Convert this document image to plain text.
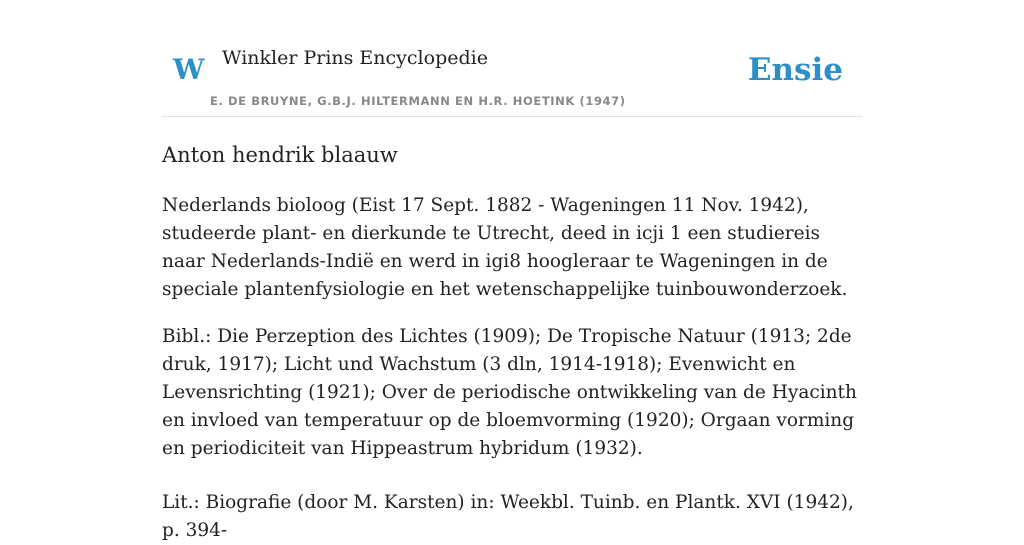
W Winkler Prins Encyclopedie
E. DE BRUYNE, G.B.J. HILTERMANN EN H.R. HOETINK (1947)
Ensie
Anton hendrik blaauw

Nederlands bioloog (Eist 17 Sept. 1882 - Wageningen 11 Nov. 1942), studeerde plant- en dierkunde te Utrecht, deed in icji 1 een studiereis naar Nederlands-Indië en werd in igi8 hoogleraar te Wageningen in de speciale plantenfysiologie en het wetenschappelijke tuinbouwonderzoek.

Bibl.: Die Perzeption des Lichtes (1909); De Tropische Natuur (1913; 2de druk, 1917); Licht und Wachstum (3 dln, 1914-1918); Evenwicht en Levensrichting (1921); Over de periodische ontwikkeling van de Hyacinth en invloed van temperatuur op de bloemvorming (1920); Orgaan vorming en periodiciteit van Hippeastrum hybridum (1932).

Lit.: Biografie (door M. Karsten) in: Weekbl. Tuinb. en Plantk. XVI (1942), p. 394-
